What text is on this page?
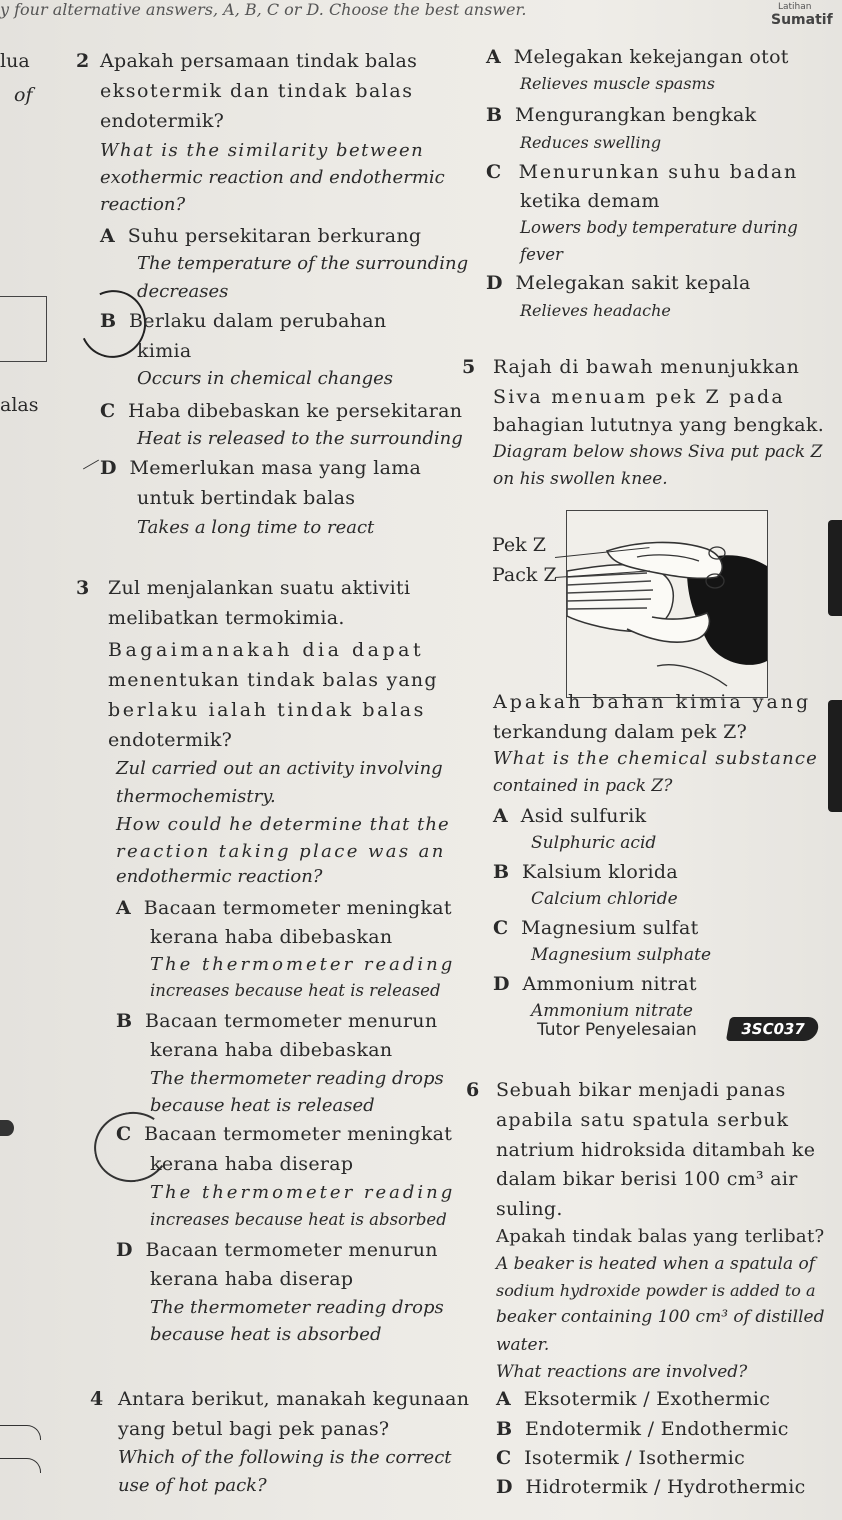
y four alternative answers, A, B, C or D. Choose the best answer.	Latihan
Sumatif
lua
of
alas
2 Apakah persamaan tindak balas
eksotermik dan tindak balas
endotermik?
What is the similarity between
exothermic reaction and endothermic
reaction?
A Suhu persekitaran berkurang
The temperature of the surrounding
decreases
B Berlaku dalam perubahan
kimia
Occurs in chemical changes
C Haba dibebaskan ke persekitaran
Heat is released to the surrounding
D Memerlukan masa yang lama
untuk bertindak balas
Takes a long time to react
3 Zul menjalankan suatu aktiviti
melibatkan termokimia.
Bagaimanakah dia dapat
menentukan tindak balas yang
berlaku ialah tindak balas
endotermik?
Zul carried out an activity involving
thermochemistry.
How could he determine that the
reaction taking place was an
endothermic reaction?
A Bacaan termometer meningkat
kerana haba dibebaskan
The thermometer reading
increases because heat is released
B Bacaan termometer menurun
kerana haba dibebaskan
The thermometer reading drops
because heat is released
C Bacaan termometer meningkat
kerana haba diserap
The thermometer reading
increases because heat is absorbed
D Bacaan termometer menurun
kerana haba diserap
The thermometer reading drops
because heat is absorbed
4 Antara berikut, manakah kegunaan
yang betul bagi pek panas?
Which of the following is the correct
use of hot pack?
A Melegakan kekejangan otot
Relieves muscle spasms
B Mengurangkan bengkak
Reduces swelling
C Menurunkan suhu badan
ketika demam
Lowers body temperature during
fever
D Melegakan sakit kepala
Relieves headache
5 Rajah di bawah menunjukkan
Siva menuam pek Z pada
bahagian lututnya yang bengkak.
Diagram below shows Siva put pack Z
on his swollen knee.
Pek Z
Pack Z
Apakah bahan kimia yang
terkandung dalam pek Z?
What is the chemical substance
contained in pack Z?
A Asid sulfurik
Sulphuric acid
B Kalsium klorida
Calcium chloride
C Magnesium sulfat
Magnesium sulphate
D Ammonium nitrat
Ammonium nitrate
Tutor Penyelesaian	3SC037
6 Sebuah bikar menjadi panas
apabila satu spatula serbuk
natrium hidroksida ditambah ke
dalam bikar berisi 100 cm³ air
suling.
Apakah tindak balas yang terlibat?
A beaker is heated when a spatula of
sodium hydroxide powder is added to a
beaker containing 100 cm³ of distilled
water.
What reactions are involved?
A Eksotermik / Exothermic
B Endotermik / Endothermic
C Isotermik / Isothermic
D Hidrotermik / Hydrothermic
